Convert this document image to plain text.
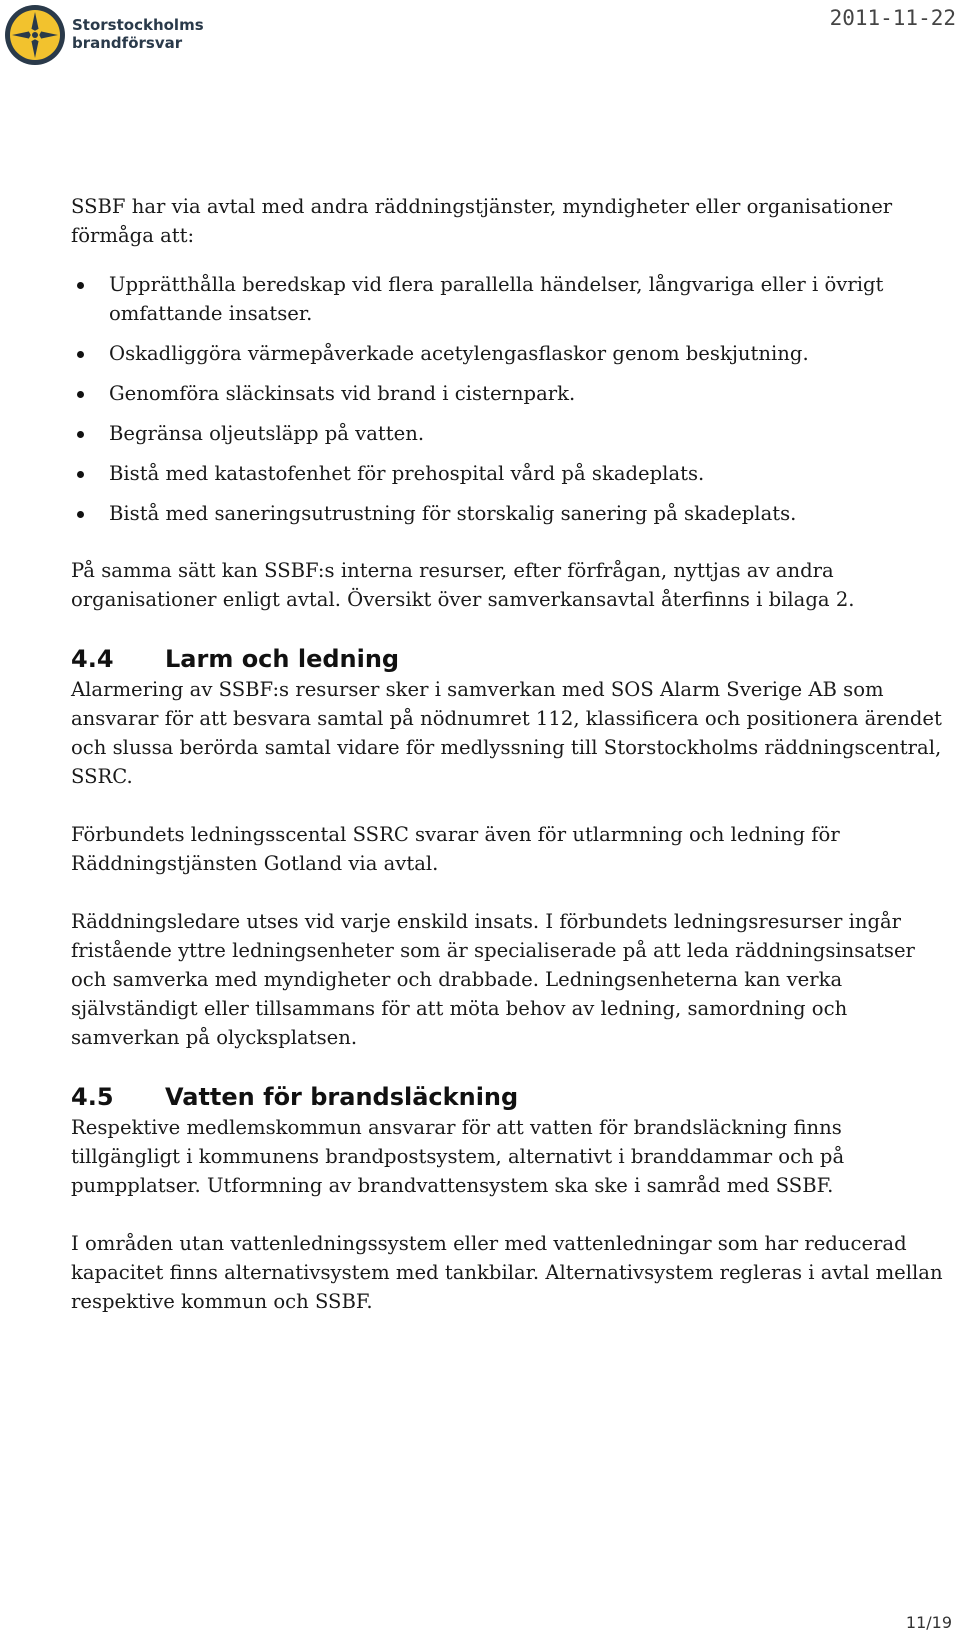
Storstockholms
brandförsvar
2011-11-22

SSBF har via avtal med andra räddningstjänster, myndigheter eller organisationer förmåga att:

Upprätthålla beredskap vid flera parallella händelser, långvariga eller i övrigt omfattande insatser.
Oskadliggöra värmepåverkade acetylengasflaskor genom beskjutning.
Genomföra släckinsats vid brand i cisternpark.
Begränsa oljeutsläpp på vatten.
Bistå med katastofenhet för prehospital vård på skadeplats.
Bistå med saneringsutrustning för storskalig sanering på skadeplats.

På samma sätt kan SSBF:s interna resurser, efter förfrågan, nyttjas av andra organisationer enligt avtal. Översikt över samverkansavtal återfinns i bilaga 2.

4.4 Larm och ledning

Alarmering av SSBF:s resurser sker i samverkan med SOS Alarm Sverige AB som ansvarar för att besvara samtal på nödnumret 112, klassificera och positionera ärendet och slussa berörda samtal vidare för medlyssning till Storstockholms räddningscentral, SSRC.

Förbundets ledningsscental SSRC svarar även för utlarmning och ledning för Räddningstjänsten Gotland via avtal.

Räddningsledare utses vid varje enskild insats. I förbundets ledningsresurser ingår fristående yttre ledningsenheter som är specialiserade på att leda räddningsinsatser och samverka med myndigheter och drabbade. Ledningsenheterna kan verka självständigt eller tillsammans för att möta behov av ledning, samordning och samverkan på olycksplatsen.

4.5 Vatten för brandsläckning

Respektive medlemskommun ansvarar för att vatten för brandsläckning finns tillgängligt i kommunens brandpostsystem, alternativt i branddammar och på pumpplatser. Utformning av brandvattensystem ska ske i samråd med SSBF.

I områden utan vattenledningssystem eller med vattenledningar som har reducerad kapacitet finns alternativsystem med tankbilar. Alternativsystem regleras i avtal mellan respektive kommun och SSBF.

11/19
